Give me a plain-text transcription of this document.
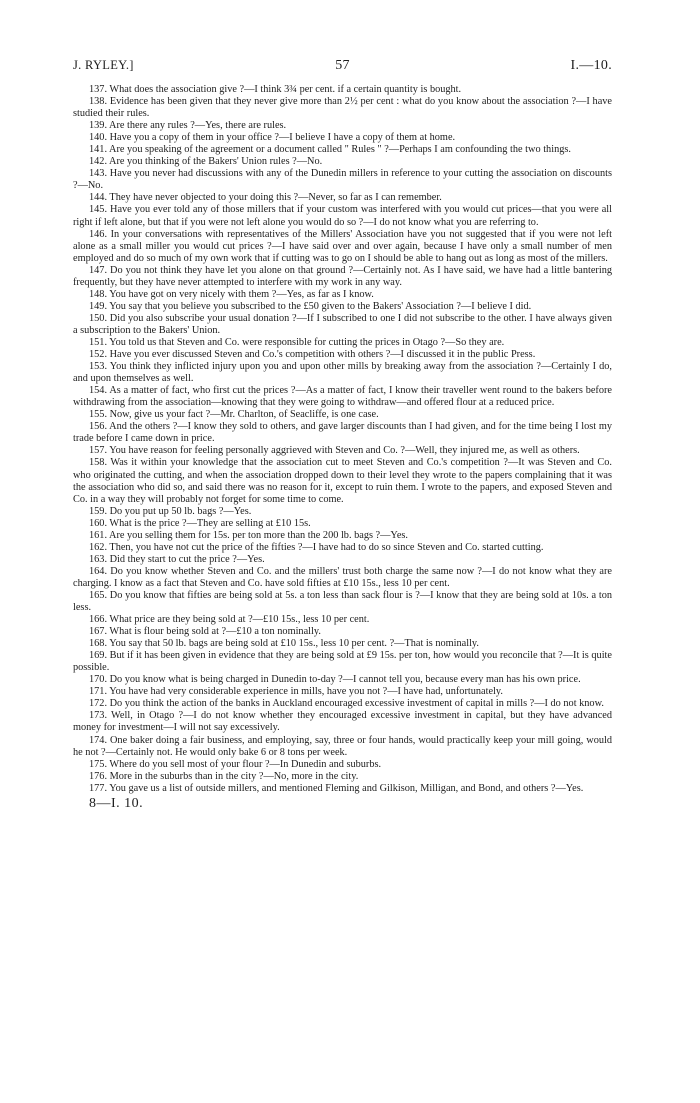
J. RYLEY.]	57	I.—10.

137. What does the association give ?—I think 3¾ per cent. if a certain quantity is bought.

138. Evidence has been given that they never give more than 2½ per cent : what do you know about the association ?—I have studied their rules.

139. Are there any rules ?—Yes, there are rules.

140. Have you a copy of them in your office ?—I believe I have a copy of them at home.

141. Are you speaking of the agreement or a document called " Rules " ?—Perhaps I am confounding the two things.

142. Are you thinking of the Bakers' Union rules ?—No.

143. Have you never had discussions with any of the Dunedin millers in reference to your cutting the association on discounts ?—No.

144. They have never objected to your doing this ?—Never, so far as I can remember.

145. Have you ever told any of those millers that if your custom was interfered with you would cut prices—that you were all right if left alone, but that if you were not left alone you would do so ?—I do not know what you are referring to.

146. In your conversations with representatives of the Millers' Association have you not suggested that if you were not left alone as a small miller you would cut prices ?—I have said over and over again, because I have only a small number of men employed and do so much of my own work that if cutting was to go on I should be able to hang out as long as most of the millers.

147. Do you not think they have let you alone on that ground ?—Certainly not. As I have said, we have had a little bantering frequently, but they have never attempted to interfere with my work in any way.

148. You have got on very nicely with them ?—Yes, as far as I know.

149. You say that you believe you subscribed to the £50 given to the Bakers' Association ?—I believe I did.

150. Did you also subscribe your usual donation ?—If I subscribed to one I did not subscribe to the other. I have always given a subscription to the Bakers' Union.

151. You told us that Steven and Co. were responsible for cutting the prices in Otago ?—So they are.

152. Have you ever discussed Steven and Co.'s competition with others ?—I discussed it in the public Press.

153. You think they inflicted injury upon you and upon other mills by breaking away from the association ?—Certainly I do, and upon themselves as well.

154. As a matter of fact, who first cut the prices ?—As a matter of fact, I know their traveller went round to the bakers before withdrawing from the association—knowing that they were going to withdraw—and offered flour at a reduced price.

155. Now, give us your fact ?—Mr. Charlton, of Seacliffe, is one case.

156. And the others ?—I know they sold to others, and gave larger discounts than I had given, and for the time being I lost my trade before I came down in price.

157. You have reason for feeling personally aggrieved with Steven and Co. ?—Well, they injured me, as well as others.

158. Was it within your knowledge that the association cut to meet Steven and Co.'s competition ?—It was Steven and Co. who originated the cutting, and when the association dropped down to their level they wrote to the papers complaining that it was the association who did so, and said there was no reason for it, except to ruin them. I wrote to the papers, and exposed Steven and Co. in a way they will probably not forget for some time to come.

159. Do you put up 50 lb. bags ?—Yes.

160. What is the price ?—They are selling at £10 15s.

161. Are you selling them for 15s. per ton more than the 200 lb. bags ?—Yes.

162. Then, you have not cut the price of the fifties ?—I have had to do so since Steven and Co. started cutting.

163. Did they start to cut the price ?—Yes.

164. Do you know whether Steven and Co. and the millers' trust both charge the same now ?—I do not know what they are charging. I know as a fact that Steven and Co. have sold fifties at £10 15s., less 10 per cent.

165. Do you know that fifties are being sold at 5s. a ton less than sack flour is ?—I know that they are being sold at 10s. a ton less.

166. What price are they being sold at ?—£10 15s., less 10 per cent.

167. What is flour being sold at ?—£10 a ton nominally.

168. You say that 50 lb. bags are being sold at £10 15s., less 10 per cent. ?—That is nominally.

169. But if it has been given in evidence that they are being sold at £9 15s. per ton, how would you reconcile that ?—It is quite possible.

170. Do you know what is being charged in Dunedin to-day ?—I cannot tell you, because every man has his own price.

171. You have had very considerable experience in mills, have you not ?—I have had, unfortunately.

172. Do you think the action of the banks in Auckland encouraged excessive investment of capital in mills ?—I do not know.

173. Well, in Otago ?—I do not know whether they encouraged excessive investment in capital, but they have advanced money for investment—I will not say excessively.

174. One baker doing a fair business, and employing, say, three or four hands, would practically keep your mill going, would he not ?—Certainly not. He would only bake 6 or 8 tons per week.

175. Where do you sell most of your flour ?—In Dunedin and suburbs.

176. More in the suburbs than in the city ?—No, more in the city.

177. You gave us a list of outside millers, and mentioned Fleming and Gilkison, Milligan, and Bond, and others ?—Yes.

8—I. 10.
